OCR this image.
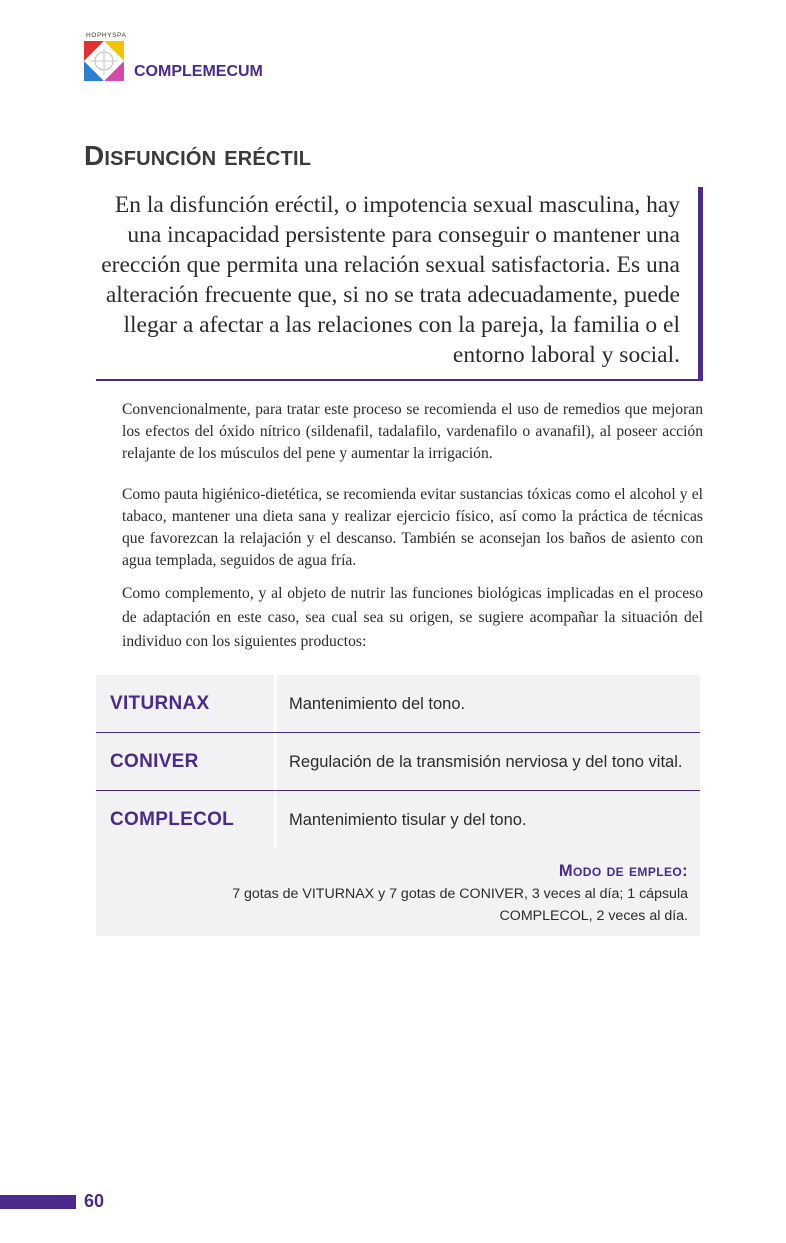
HOPHYSPA
COMPLEMECUM
Disfunción eréctil
En la disfunción eréctil, o impotencia sexual masculina, hay una incapacidad persistente para conseguir o mantener una erección que permita una relación sexual satisfactoria. Es una alteración frecuente que, si no se trata adecuadamente, puede llegar a afectar a las relaciones con la pareja, la familia o el entorno laboral y social.

Convencionalmente, para tratar este proceso se recomienda el uso de remedios que mejoran los efectos del óxido nítrico (sildenafil, tadalafilo, vardenafilo o avanafil), al poseer acción relajante de los músculos del pene y aumentar la irrigación.

Como pauta higiénico-dietética, se recomienda evitar sustancias tóxicas como el alcohol y el tabaco, mantener una dieta sana y realizar ejercicio físico, así como la práctica de técnicas que favorezcan la relajación y el descanso. También se aconsejan los baños de asiento con agua templada, seguidos de agua fría.

Como complemento, y al objeto de nutrir las funciones biológicas implicadas en el proceso de adaptación en este caso, sea cual sea su origen, se sugiere acompañar la situación del individuo con los siguientes productos:

VITURNAX	Mantenimiento del tono.
CONIVER	Regulación de la transmisión nerviosa y del tono vital.
COMPLECOL	Mantenimiento tisular y del tono.

Modo de empleo:

7 gotas de VITURNAX y 7 gotas de CONIVER, 3 veces al día; 1 cápsula COMPLECOL, 2 veces al día.

60
